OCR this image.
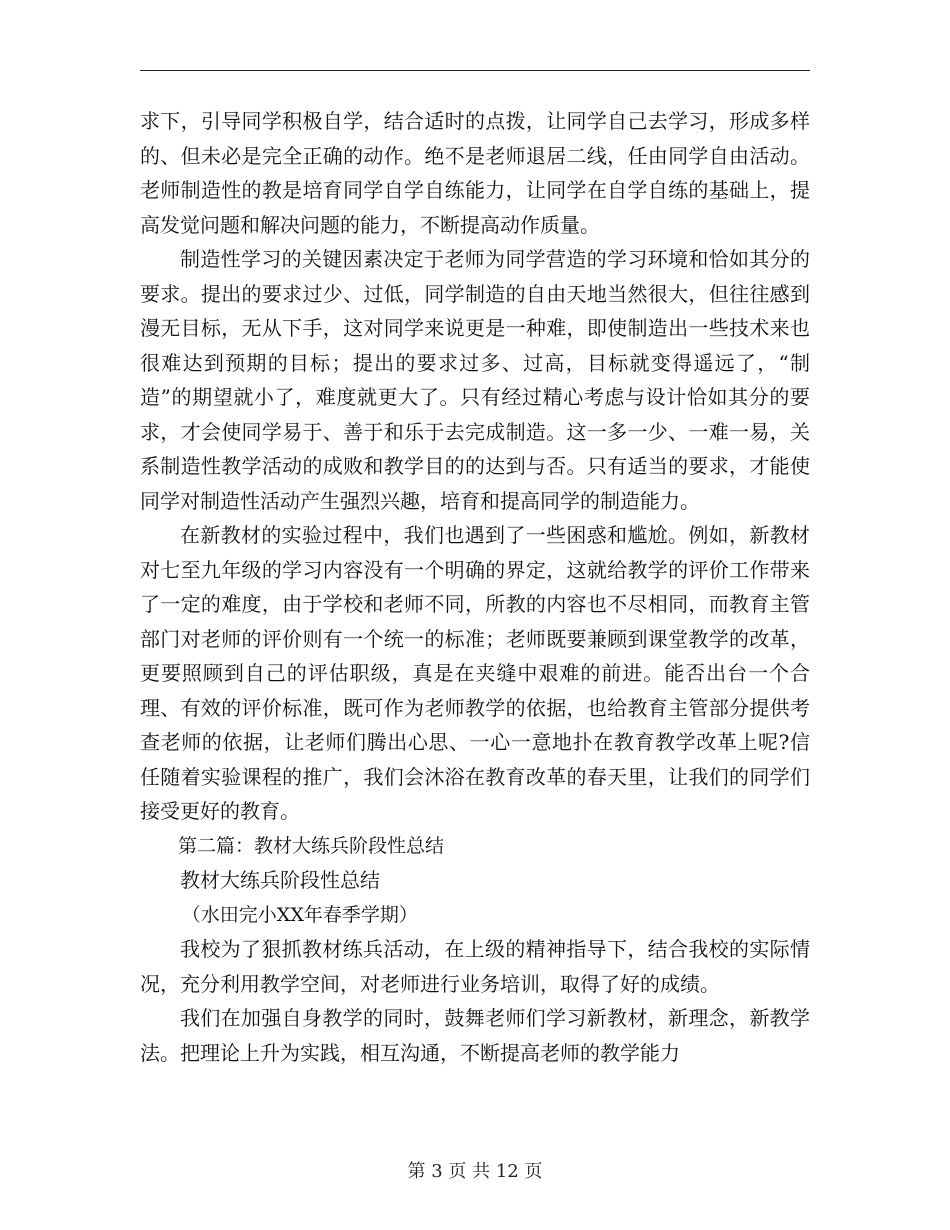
求下，引导同学积极自学，结合适时的点拨，让同学自己去学习，形成多样的、但未必是完全正确的动作。绝不是老师退居二线，任由同学自由活动。老师制造性的教是培育同学自学自练能力，让同学在自学自练的基础上，提高发觉问题和解决问题的能力，不断提高动作质量。

制造性学习的关键因素决定于老师为同学营造的学习环境和恰如其分的要求。提出的要求过少、过低，同学制造的自由天地当然很大，但往往感到漫无目标，无从下手，这对同学来说更是一种难，即使制造出一些技术来也很难达到预期的目标；提出的要求过多、过高，目标就变得遥远了，“制造”的期望就小了，难度就更大了。只有经过精心考虑与设计恰如其分的要求，才会使同学易于、善于和乐于去完成制造。这一多一少、一难一易，关系制造性教学活动的成败和教学目的的达到与否。只有适当的要求，才能使同学对制造性活动产生强烈兴趣，培育和提高同学的制造能力。

在新教材的实验过程中，我们也遇到了一些困惑和尴尬。例如，新教材对七至九年级的学习内容没有一个明确的界定，这就给教学的评价工作带来了一定的难度，由于学校和老师不同，所教的内容也不尽相同，而教育主管部门对老师的评价则有一个统一的标准；老师既要兼顾到课堂教学的改革，更要照顾到自己的评估职级，真是在夹缝中艰难的前进。能否出台一个合理、有效的评价标准，既可作为老师教学的依据，也给教育主管部分提供考查老师的依据，让老师们腾出心思、一心一意地扑在教育教学改革上呢?信任随着实验课程的推广，我们会沐浴在教育改革的春天里，让我们的同学们接受更好的教育。

第二篇：教材大练兵阶段性总结

教材大练兵阶段性总结

（水田完小XX年春季学期）

我校为了狠抓教材练兵活动，在上级的精神指导下，结合我校的实际情况，充分利用教学空间，对老师进行业务培训，取得了好的成绩。

我们在加强自身教学的同时，鼓舞老师们学习新教材，新理念，新教学法。把理论上升为实践，相互沟通，不断提高老师的教学能力

第 3 页 共 12 页
